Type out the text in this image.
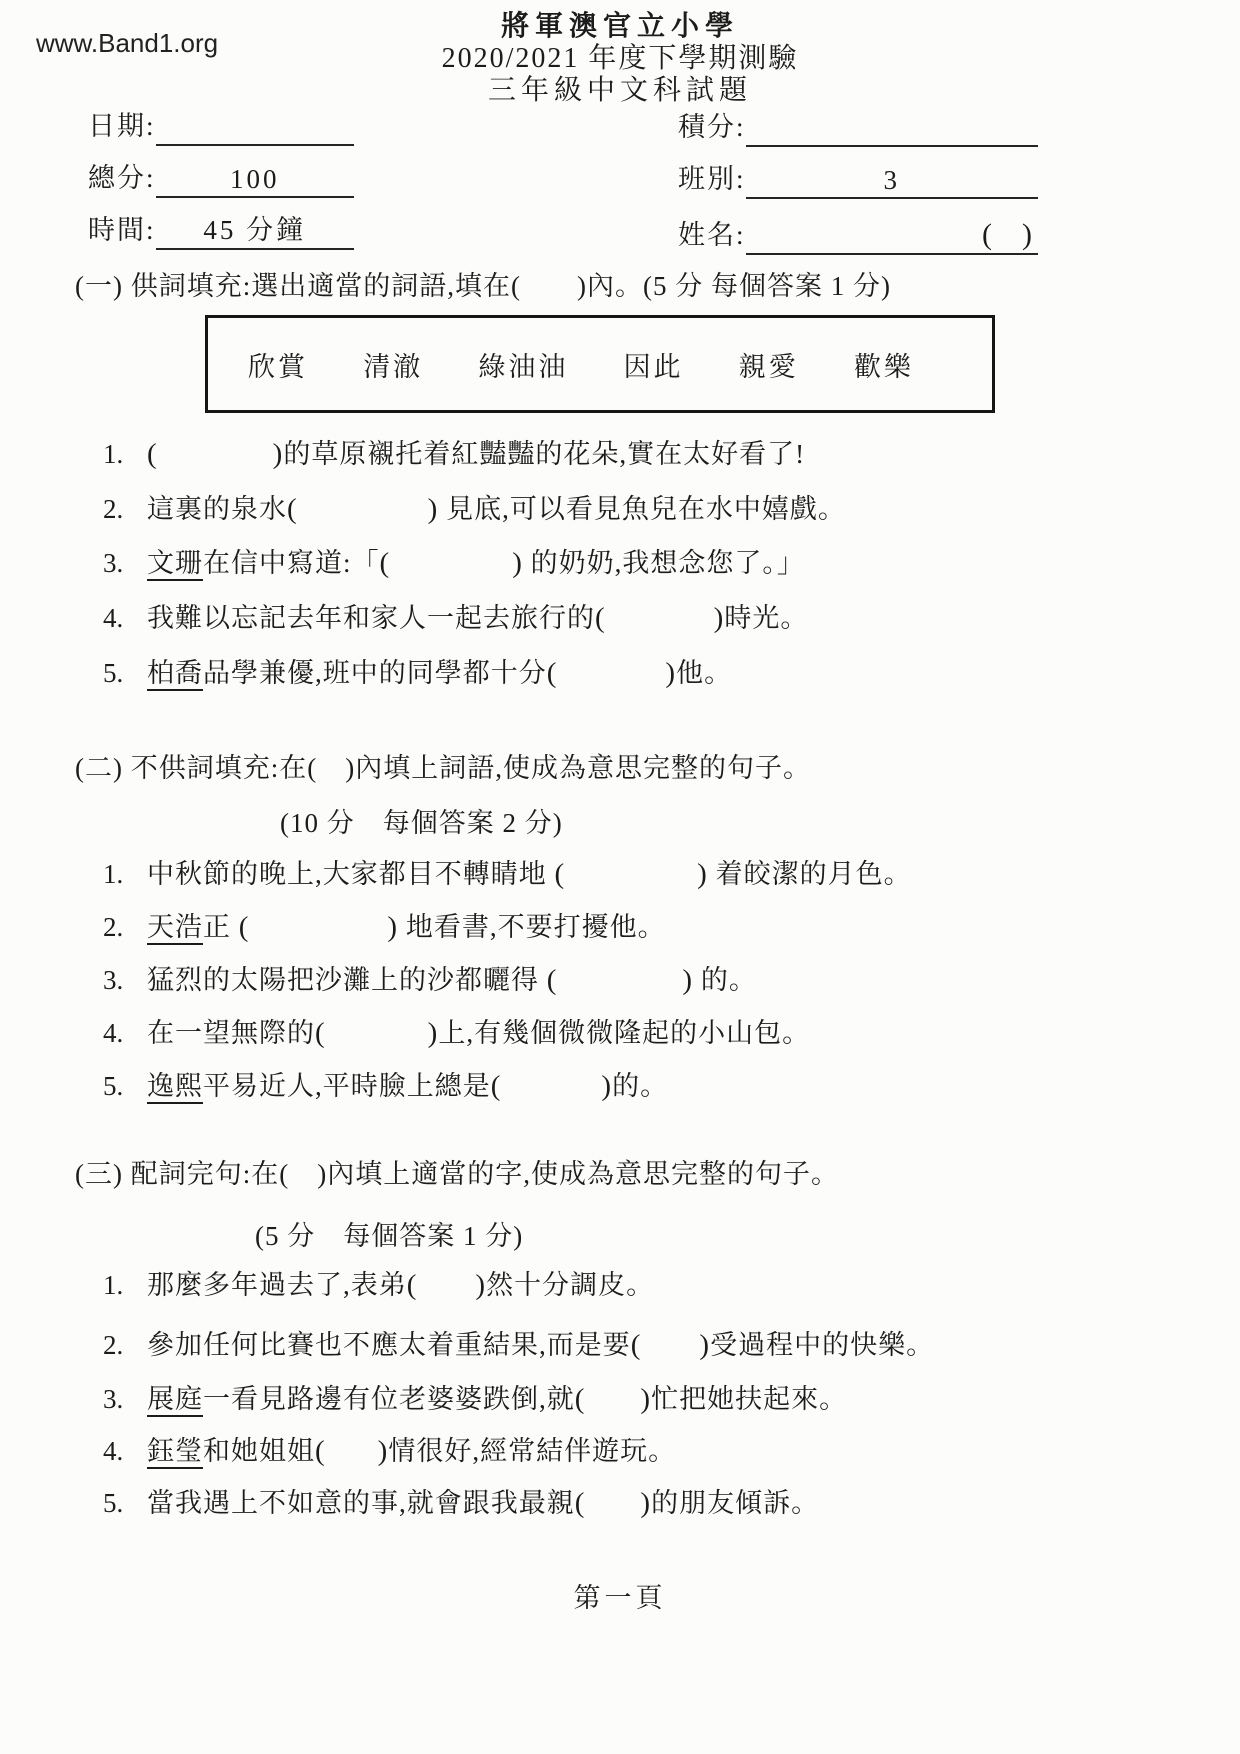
www.Band1.org
將軍澳官立小學
2020/2021 年度下學期測驗
三年級中文科試題
日期:
總分:	100
時間: 45 分鐘
積分:
班別:	3
姓名:	(　)
(一) 供詞填充:選出適當的詞語,填在(　　)內。(5 分 每個答案 1 分)
欣賞 清澈 綠油油 因此 親愛 歡樂
1. (	)的草原襯托着紅豔豔的花朵,實在太好看了!
2. 這裏的泉水(	) 見底,可以看見魚兒在水中嬉戲。
3. 文珊在信中寫道:「(	) 的奶奶,我想念您了。」
4. 我難以忘記去年和家人一起去旅行的(	)時光。
5. 柏喬品學兼優,班中的同學都十分(	)他。
(二) 不供詞填充:在(　)內填上詞語,使成為意思完整的句子。
(10 分　每個答案 2 分)
1. 中秋節的晚上,大家都目不轉睛地 (	) 着皎潔的月色。
2. 天浩正 (	) 地看書,不要打擾他。
3. 猛烈的太陽把沙灘上的沙都曬得 (	) 的。
4. 在一望無際的(	)上,有幾個微微隆起的小山包。
5. 逸熙平易近人,平時臉上總是(	)的。
(三) 配詞完句:在(　)內填上適當的字,使成為意思完整的句子。
(5 分　每個答案 1 分)
1. 那麼多年過去了,表弟( )然十分調皮。
2. 參加任何比賽也不應太着重結果,而是要( )受過程中的快樂。
3. 展庭一看見路邊有位老婆婆跌倒,就( )忙把她扶起來。
4. 鈺瑩和她姐姐( )情很好,經常結伴遊玩。
5. 當我遇上不如意的事,就會跟我最親( )的朋友傾訴。
第一頁
